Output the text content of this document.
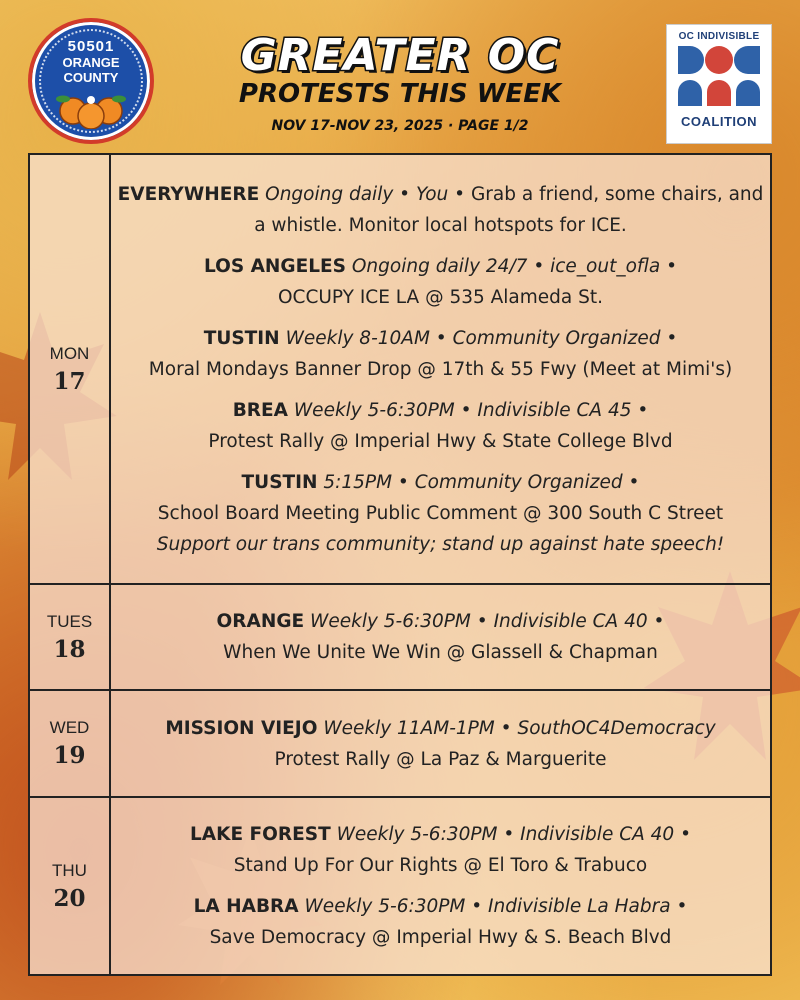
50501
ORANGE
COUNTY	GREATER OC
PROTESTS THIS WEEK
NOV 17-NOV 23, 2025 · PAGE 1/2
OC INDIVISIBLE
COALITION
MON
17
EVERYWHERE Ongoing daily • You • Grab a friend, some chairs, and a whistle. Monitor local hotspots for ICE.
LOS ANGELES Ongoing daily 24/7 • ice_out_ofla •
OCCUPY ICE LA @ 535 Alameda St.
TUSTIN Weekly 8-10AM • Community Organized •
Moral Mondays Banner Drop @ 17th & 55 Fwy (Meet at Mimi's)
BREA Weekly 5-6:30PM • Indivisible CA 45 •
Protest Rally @ Imperial Hwy & State College Blvd
TUSTIN 5:15PM • Community Organized •
School Board Meeting Public Comment @ 300 South C Street
Support our trans community; stand up against hate speech!
TUES
18
ORANGE Weekly 5-6:30PM • Indivisible CA 40 •
When We Unite We Win @ Glassell & Chapman
WED
19
MISSION VIEJO Weekly 11AM-1PM • SouthOC4Democracy
Protest Rally @ La Paz & Marguerite
THU
20
LAKE FOREST Weekly 5-6:30PM • Indivisible CA 40 •
Stand Up For Our Rights @ El Toro & Trabuco
LA HABRA Weekly 5-6:30PM • Indivisible La Habra •
Save Democracy @ Imperial Hwy & S. Beach Blvd
